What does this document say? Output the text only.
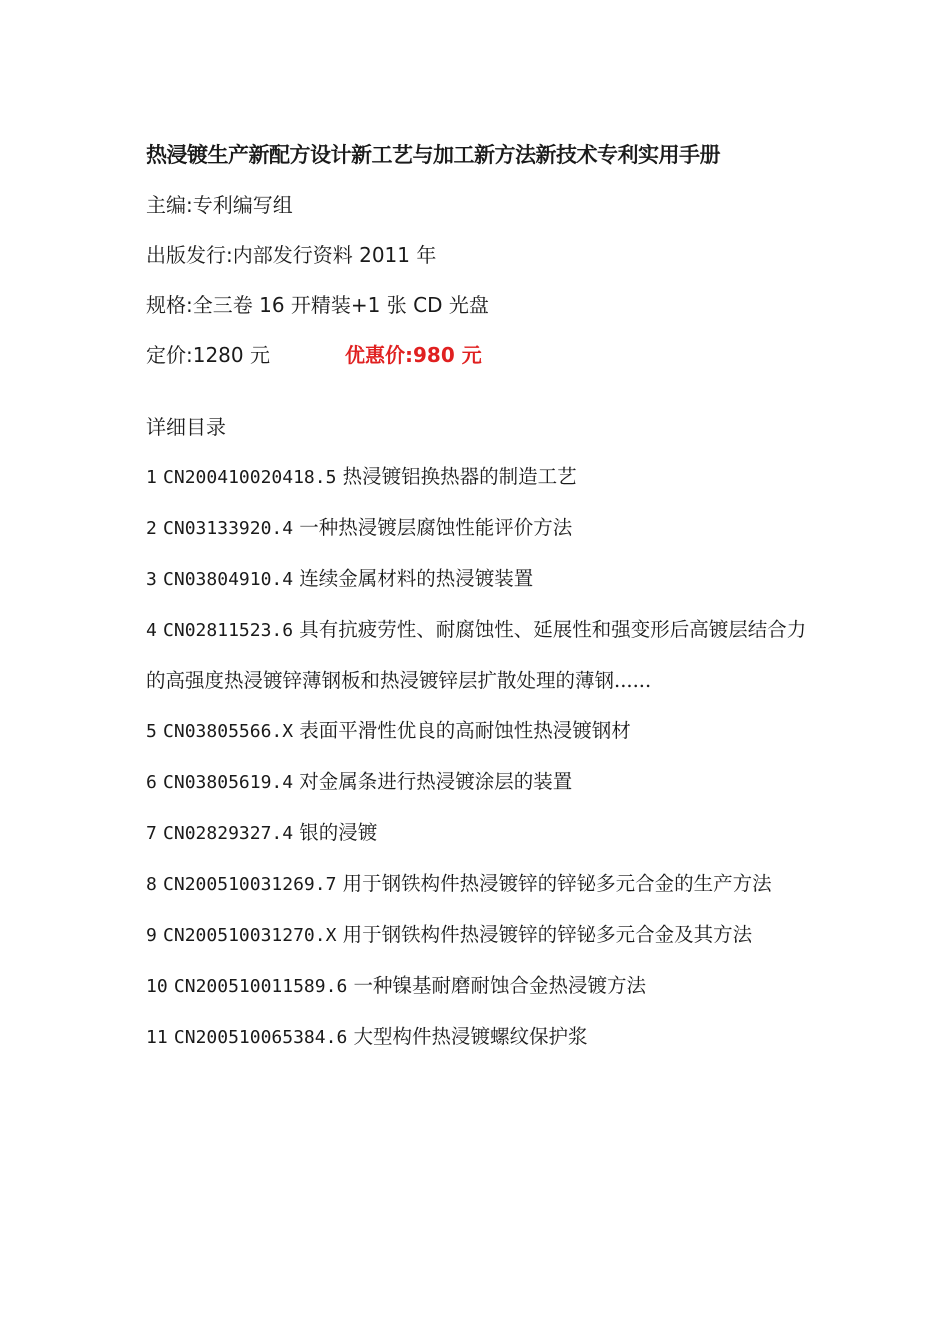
热浸镀生产新配方设计新工艺与加工新方法新技术专利实用手册
主编:专利编写组
出版发行:内部发行资料 2011 年
规格:全三卷 16 开精装+1 张 CD 光盘
定价:1280 元	优惠价:980 元
详细目录
1 CN200410020418.5 热浸镀铝换热器的制造工艺
2 CN03133920.4 一种热浸镀层腐蚀性能评价方法
3 CN03804910.4 连续金属材料的热浸镀装置
4 CN02811523.6 具有抗疲劳性、耐腐蚀性、延展性和强变形后高镀层结合力的高强度热浸镀锌薄钢板和热浸镀锌层扩散处理的薄钢......
5 CN03805566.X 表面平滑性优良的高耐蚀性热浸镀钢材
6 CN03805619.4 对金属条进行热浸镀涂层的装置
7 CN02829327.4 银的浸镀
8 CN200510031269.7 用于钢铁构件热浸镀锌的锌铋多元合金的生产方法
9 CN200510031270.X 用于钢铁构件热浸镀锌的锌铋多元合金及其方法
10 CN200510011589.6 一种镍基耐磨耐蚀合金热浸镀方法
11 CN200510065384.6 大型构件热浸镀螺纹保护浆
